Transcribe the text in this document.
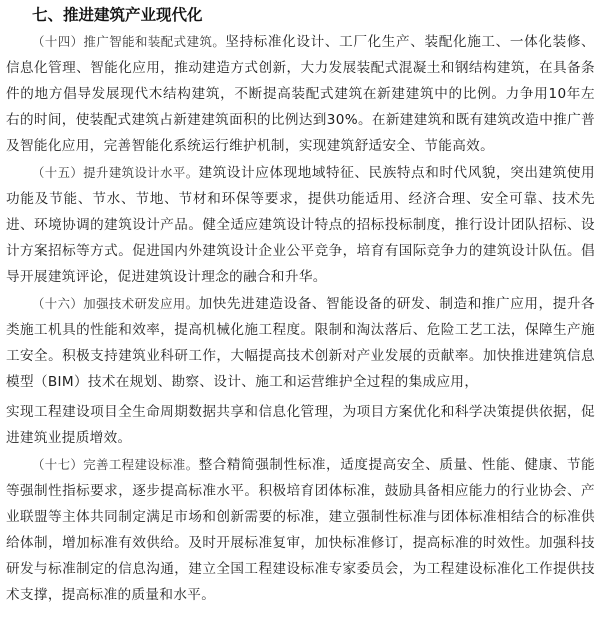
七、推进建筑产业现代化

（十四）推广智能和装配式建筑。坚持标准化设计、工厂化生产、装配化施工、一体化装修、信息化管理、智能化应用，推动建造方式创新，大力发展装配式混凝土和钢结构建筑，在具备条件的地方倡导发展现代木结构建筑，不断提高装配式建筑在新建建筑中的比例。力争用10年左右的时间，使装配式建筑占新建建筑面积的比例达到30%。在新建建筑和既有建筑改造中推广普及智能化应用，完善智能化系统运行维护机制，实现建筑舒适安全、节能高效。

（十五）提升建筑设计水平。建筑设计应体现地域特征、民族特点和时代风貌，突出建筑使用功能及节能、节水、节地、节材和环保等要求，提供功能适用、经济合理、安全可靠、技术先进、环境协调的建筑设计产品。健全适应建筑设计特点的招标投标制度，推行设计团队招标、设计方案招标等方式。促进国内外建筑设计企业公平竞争，培育有国际竞争力的建筑设计队伍。倡导开展建筑评论，促进建筑设计理念的融合和升华。

（十六）加强技术研发应用。加快先进建造设备、智能设备的研发、制造和推广应用，提升各类施工机具的性能和效率，提高机械化施工程度。限制和淘汰落后、危险工艺工法，保障生产施工安全。积极支持建筑业科研工作，大幅提高技术创新对产业发展的贡献率。加快推进建筑信息模型（BIM）技术在规划、勘察、设计、施工和运营维护全过程的集成应用，

实现工程建设项目全生命周期数据共享和信息化管理，为项目方案优化和科学决策提供依据，促进建筑业提质增效。

（十七）完善工程建设标准。整合精简强制性标准，适度提高安全、质量、性能、健康、节能等强制性指标要求，逐步提高标准水平。积极培育团体标准，鼓励具备相应能力的行业协会、产业联盟等主体共同制定满足市场和创新需要的标准，建立强制性标准与团体标准相结合的标准供给体制，增加标准有效供给。及时开展标准复审，加快标准修订，提高标准的时效性。加强科技研发与标准制定的信息沟通，建立全国工程建设标准专家委员会，为工程建设标准化工作提供技术支撑，提高标准的质量和水平。
